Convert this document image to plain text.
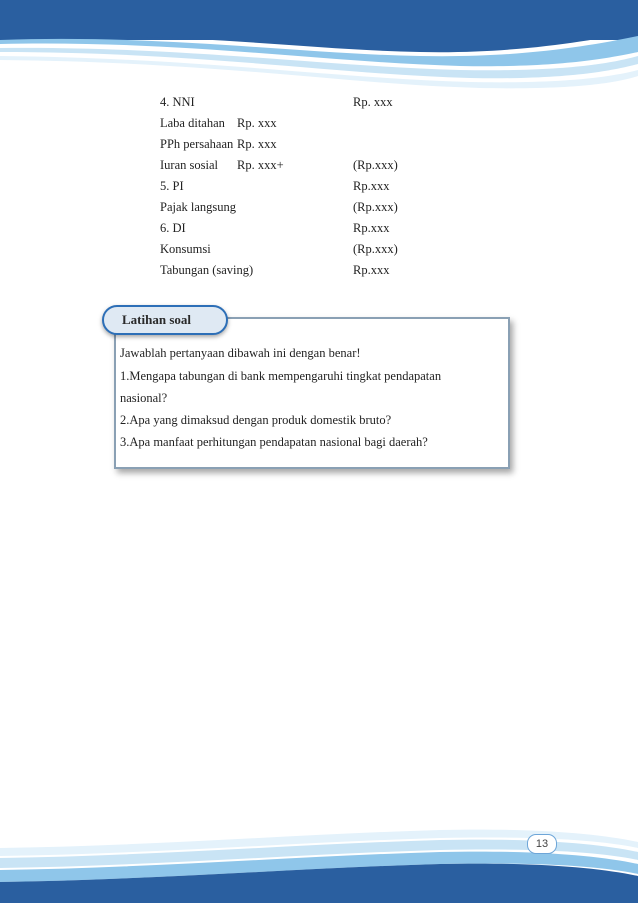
4. NNI	Rp. xxx
Laba ditahan Rp. xxx
PPh persahaan Rp. xxx
Iuran sosial Rp. xxx+	(Rp.xxx)
5. PI	Rp.xxx
Pajak langsung	(Rp.xxx)
6. DI	Rp.xxx
Konsumsi	(Rp.xxx)
Tabungan (saving)	Rp.xxx
Latihan soal
Jawablah pertanyaan dibawah ini dengan benar!
1.Mengapa tabungan di bank mempengaruhi tingkat pendapatan
nasional?
2.Apa yang dimaksud dengan produk domestik bruto?
3.Apa manfaat perhitungan pendapatan nasional bagi daerah?
13
